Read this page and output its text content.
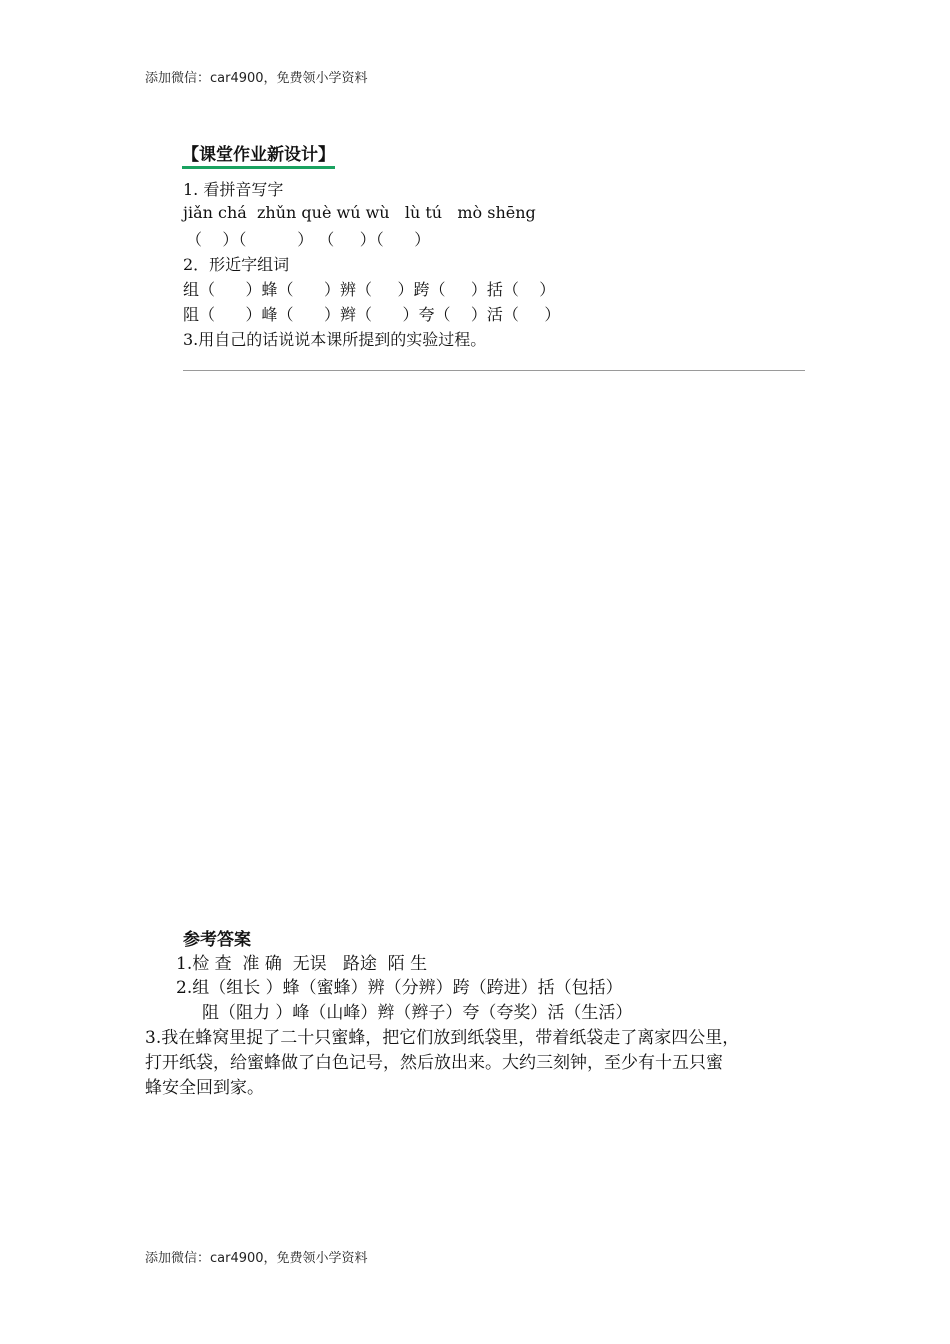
添加微信：car4900，免费领小学资料
【课堂作业新设计】
1. 看拼音写字
jiǎn chá  zhǔn què wú wù   lù tú   mò shēng
（    ）（          ） （     ）（      ）
2．形近字组词
组（      ）蜂（      ）辨（     ）跨（     ）括（    ）
阻（      ）峰（      ）辫（      ）夸（    ）活（     ）
3.用自己的话说说本课所提到的实验过程。
参考答案
1.检 查  准 确  无误   路途  陌 生
2.组（组长 ）蜂（蜜蜂）辨（分辨）跨（跨进）括（包括）
阻（阻力 ）峰（山峰）辫（辫子）夸（夸奖）活（生活）
3.我在蜂窝里捉了二十只蜜蜂，把它们放到纸袋里，带着纸袋走了离家四公里，
打开纸袋，给蜜蜂做了白色记号，然后放出来。大约三刻钟，至少有十五只蜜
蜂安全回到家。
添加微信：car4900，免费领小学资料
